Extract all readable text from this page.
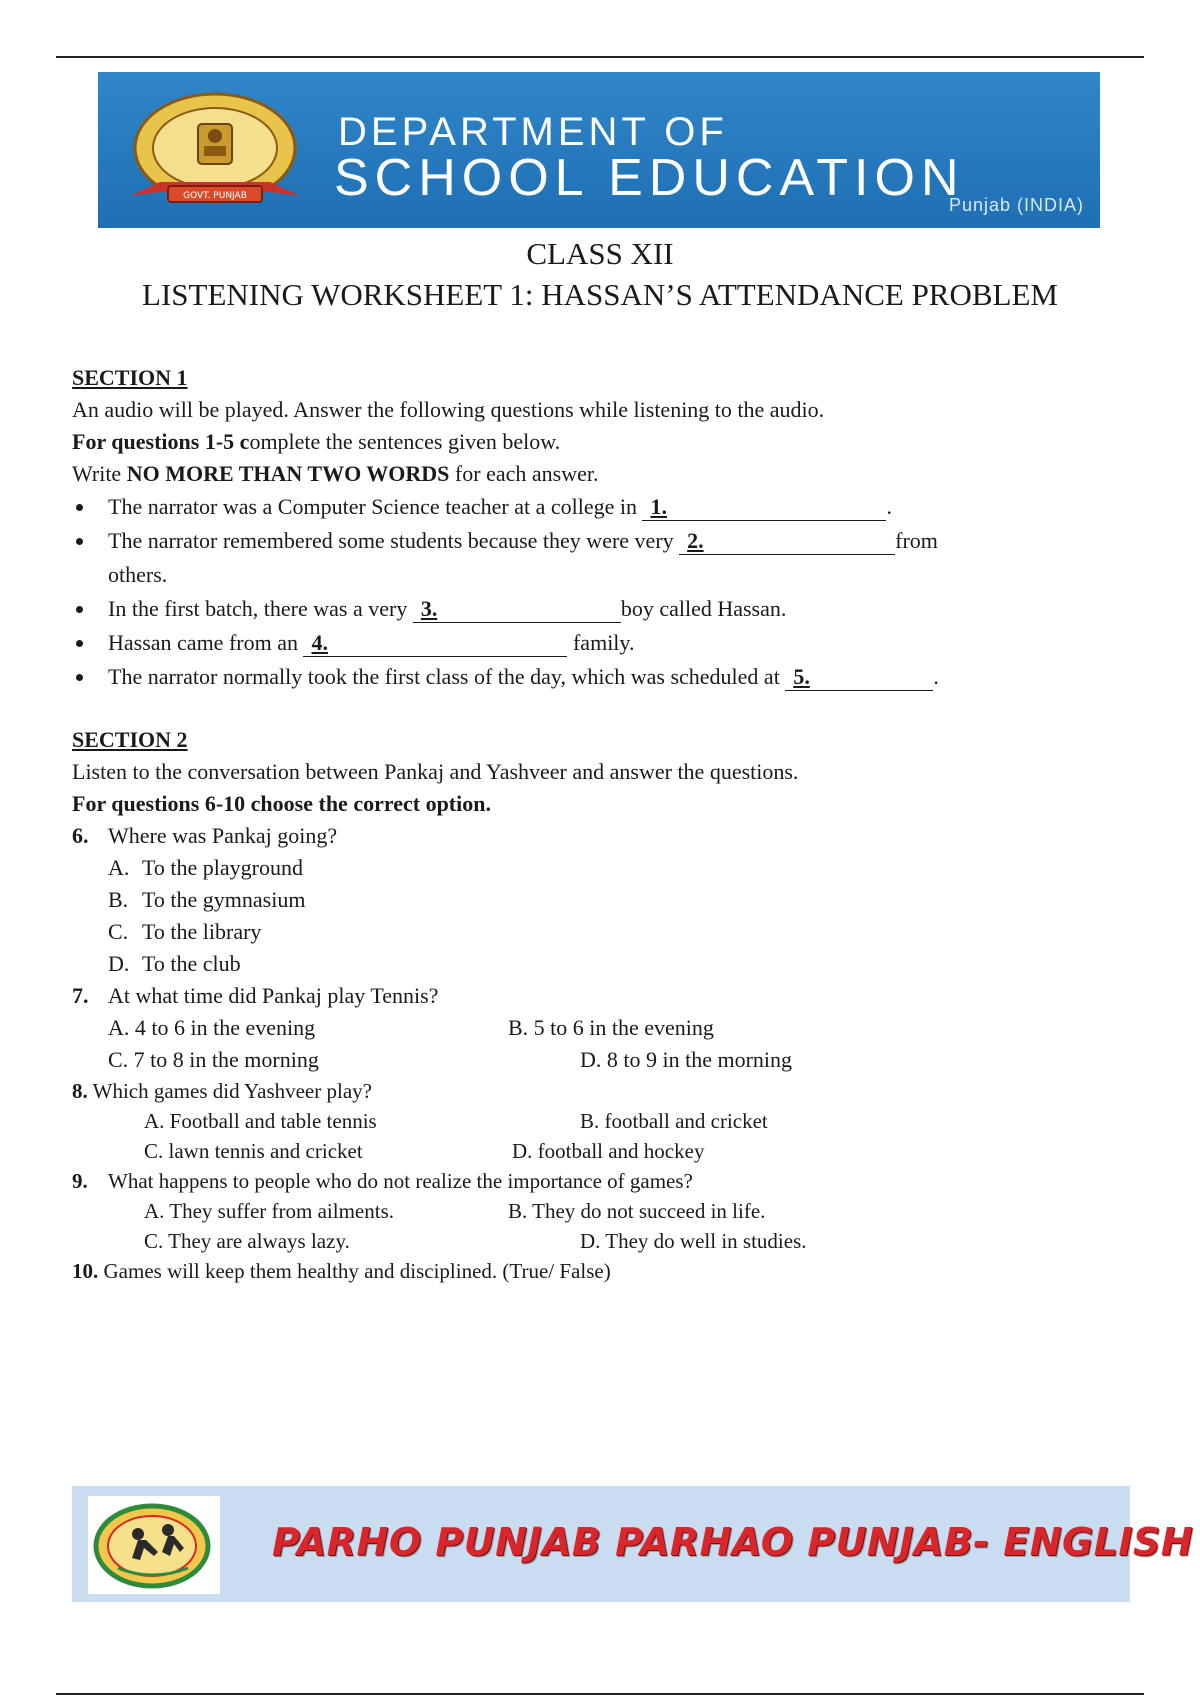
GOVT. PUNJAB
DEPARTMENT OF
SCHOOL EDUCATION
Punjab (INDIA)
CLASS XII
LISTENING WORKSHEET 1: HASSAN’S ATTENDANCE PROBLEM
SECTION 1
An audio will be played. Answer the following questions while listening to the audio.
For questions 1-5 complete the sentences given below.
Write NO MORE THAN TWO WORDS for each answer.
The narrator was a Computer Science teacher at a college in 1.	.
The narrator remembered some students because they were very 2.	from
others.
In the first batch, there was a very 3.	boy called Hassan.
Hassan came from an 4.	family.
The narrator normally took the first class of the day, which was scheduled at 5.	.
SECTION 2
Listen to the conversation between Pankaj and Yashveer and answer the questions.
For questions 6-10 choose the correct option.
6. Where was Pankaj going?
A. To the playground
B. To the gymnasium
C. To the library
D. To the club
7. At what time did Pankaj play Tennis?
A. 4 to 6 in the evening	B. 5 to 6 in the evening
C. 7 to 8 in the morning	D. 8 to 9 in the morning
8. Which games did Yashveer play?
A. Football and table tennis	B. football and cricket
C. lawn tennis and cricket	D. football and hockey
9. What happens to people who do not realize the importance of games?
A. They suffer from ailments.	B. They do not succeed in life.
C. They are always lazy.	D. They do well in studies.
10. Games will keep them healthy and disciplined. (True/ False)
PARHO PUNJAB PARHAO PUNJAB- ENGLISH
